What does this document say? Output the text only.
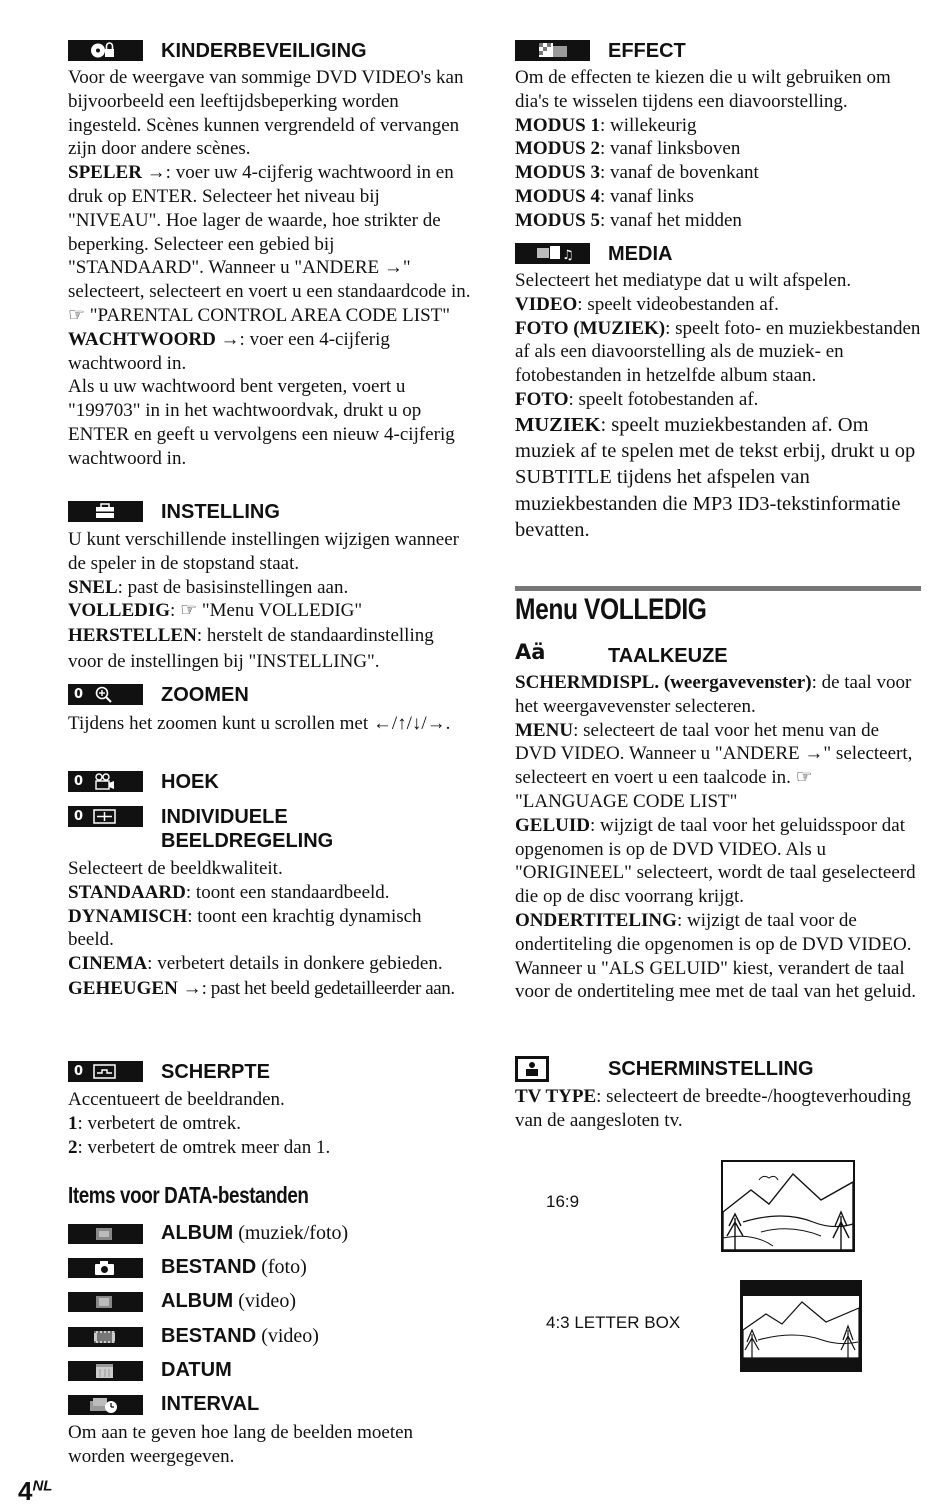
KINDERBEVEILIGING

Voor de weergave van sommige DVD VIDEO's kan bijvoorbeeld een leeftijdsbeperking worden ingesteld. Scènes kunnen vergrendeld of vervangen zijn door andere scènes.

SPELER →: voer uw 4-cijferig wachtwoord in en druk op ENTER. Selecteer het niveau bij "NIVEAU". Hoe lager de waarde, hoe strikter de beperking. Selecteer een gebied bij "STANDAARD". Wanneer u "ANDERE →" selecteert, selecteert en voert u een standaardcode in. ☞ "PARENTAL CONTROL AREA CODE LIST"

WACHTWOORD →: voer een 4-cijferig wachtwoord in.

Als u uw wachtwoord bent vergeten, voert u "199703" in in het wachtwoordvak, drukt u op ENTER en geeft u vervolgens een nieuw 4-cijferig wachtwoord in.

INSTELLING

U kunt verschillende instellingen wijzigen wanneer de speler in de stopstand staat.

SNEL: past de basisinstellingen aan.

VOLLEDIG: ☞ "Menu VOLLEDIG"

HERSTELLEN: herstelt de standaardinstelling voor de instellingen bij "INSTELLING".

0	ZOOMEN

Tijdens het zoomen kunt u scrollen met ←/↑/↓/→.

0	HOEK
0	INDIVIDUELE BEELDREGELING

Selecteert de beeldkwaliteit.

STANDAARD: toont een standaardbeeld.

DYNAMISCH: toont een krachtig dynamisch beeld.

CINEMA: verbetert details in donkere gebieden.

GEHEUGEN →: past het beeld gedetailleerder aan.

0	SCHERPTE

Accentueert de beeldranden.

1: verbetert de omtrek.

2: verbetert de omtrek meer dan 1.

Items voor DATA-bestanden
ALBUM (muziek/foto)
BESTAND (foto)
ALBUM (video)
BESTAND (video)
DATUM
INTERVAL
Om aan te geven hoe lang de beelden moeten worden weergegeven.
EFFECT

Om de effecten te kiezen die u wilt gebruiken om dia's te wisselen tijdens een diavoorstelling.

MODUS 1: willekeurig

MODUS 2: vanaf linksboven

MODUS 3: vanaf de bovenkant

MODUS 4: vanaf links

MODUS 5: vanaf het midden

♫ MEDIA

Selecteert het mediatype dat u wilt afspelen.

VIDEO: speelt videobestanden af.

FOTO (MUZIEK): speelt foto- en muziekbestanden af als een diavoorstelling als de muziek- en fotobestanden in hetzelfde album staan.

FOTO: speelt fotobestanden af.

MUZIEK: speelt muziekbestanden af. Om muziek af te spelen met de tekst erbij, drukt u op SUBTITLE tijdens het afspelen van muziekbestanden die MP3 ID3-tekstinformatie bevatten.

Menu VOLLEDIG
Aä	TAALKEUZE

SCHERMDISPL. (weergavevenster): de taal voor het weergavevenster selecteren.

MENU: selecteert de taal voor het menu van de DVD VIDEO. Wanneer u "ANDERE →" selecteert, selecteert en voert u een taalcode in. ☞ "LANGUAGE CODE LIST"

GELUID: wijzigt de taal voor het geluidsspoor dat opgenomen is op de DVD VIDEO. Als u "ORIGINEEL" selecteert, wordt de taal geselecteerd die op de disc voorrang krijgt.

ONDERTITELING: wijzigt de taal voor de ondertiteling die opgenomen is op de DVD VIDEO. Wanneer u "ALS GELUID" kiest, verandert de taal voor de ondertiteling mee met de taal van het geluid.

SCHERMINSTELLING

TV TYPE: selecteert de breedte-/hoogteverhouding van de aangesloten tv.

16:9
4:3 LETTER BOX
$4^{NL}$
